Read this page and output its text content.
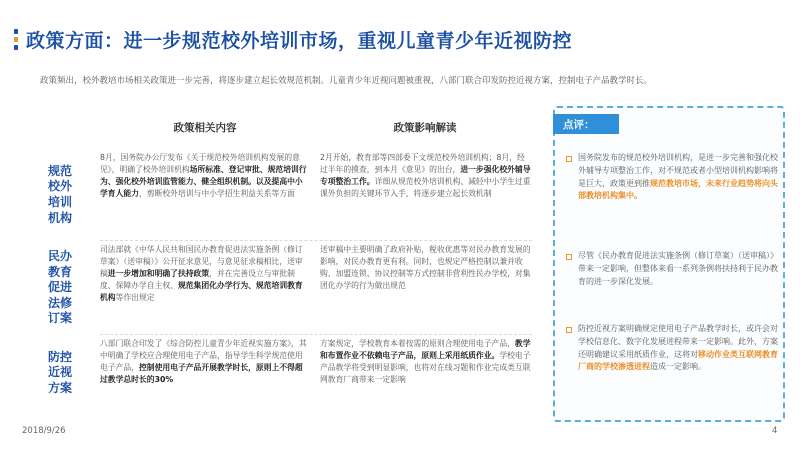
政策方面：进一步规范校外培训市场，重视儿童青少年近视防控
政策频出，校外教培市场相关政策进一步完善，将逐步建立起长效规范机制。儿童青少年近视问题被重视，八部门联合印发防控近视方案，控制电子产品教学时长。
政策相关内容	政策影响解读
规范校外培训机构
8月，国务院办公厅发布《关于规范校外培训机构发展的意见》，明确了校外培训机构场所标准、登记审批、规范培训行为、强化校外培训监管能力、健全组织机制。以及提高中小学育人能力，剪断校外培训与中小学招生利益关系等方面
2月开始，教育部等四部委下文规范校外培训机构；8月，经过半年的摸查，到本月《意见》的出台，进一步强化校外辅导专项整治工作。详细从规范校外培训机构、减轻中小学生过重课外负担的关键环节入手，将逐步建立起长效机制
民办教育促进法修订案
司法部就《中华人民共和国民办教育促进法实施条例（修订草案）（送审稿）》公开征求意见，与意见征求稿相比，送审稿进一步增加和明确了扶持政策，并在完善设立与审批制度、保障办学自主权、规范集团化办学行为、规范培训教育机构等作出规定
送审稿中主要明确了政府补贴，税收优惠等对民办教育发展的影响，对民办教育更有利。同时，也规定严格控制以兼并收购、加盟连锁、协议控制等方式控制非营利性民办学校，对集团化办学的行为做出规范
防控近视方案
八部门联合印发了《综合防控儿童青少年近视实施方案》，其中明确了学校应合理使用电子产品，指导学生科学规范使用电子产品，控制使用电子产品开展教学时长，原则上不得超过教学总时长的30%
方案规定，学校教育本着按需的原则合理使用电子产品，教学和布置作业不依赖电子产品，原则上采用纸质作业。学校电子产品教学将受到明显影响，也将对在线习题和作业完成类互联网教育厂商带来一定影响
点评：
国务院发布的规范校外培训机构，是进一步完善和强化校外辅导专项整治工作，对不规范或者小型培训机构影响将是巨大，政策更到推规范教培市场，未来行业趋势将向头部教培机构集中。
尽管《民办教育促进法实施条例（修订草案）（送审稿）》带来一定影响，但整体来看一系列条例将扶持利于民办教育的进一步深化发展。
防控近视方案明确规定使用电子产品教学时长，或许会对学校信息化、数字化发展进程带来一定影响。此外，方案还明确建议采用纸质作业，这将对移动作业类互联网教育厂商的学校渗透进程造成一定影响。
2018/9/26	4
